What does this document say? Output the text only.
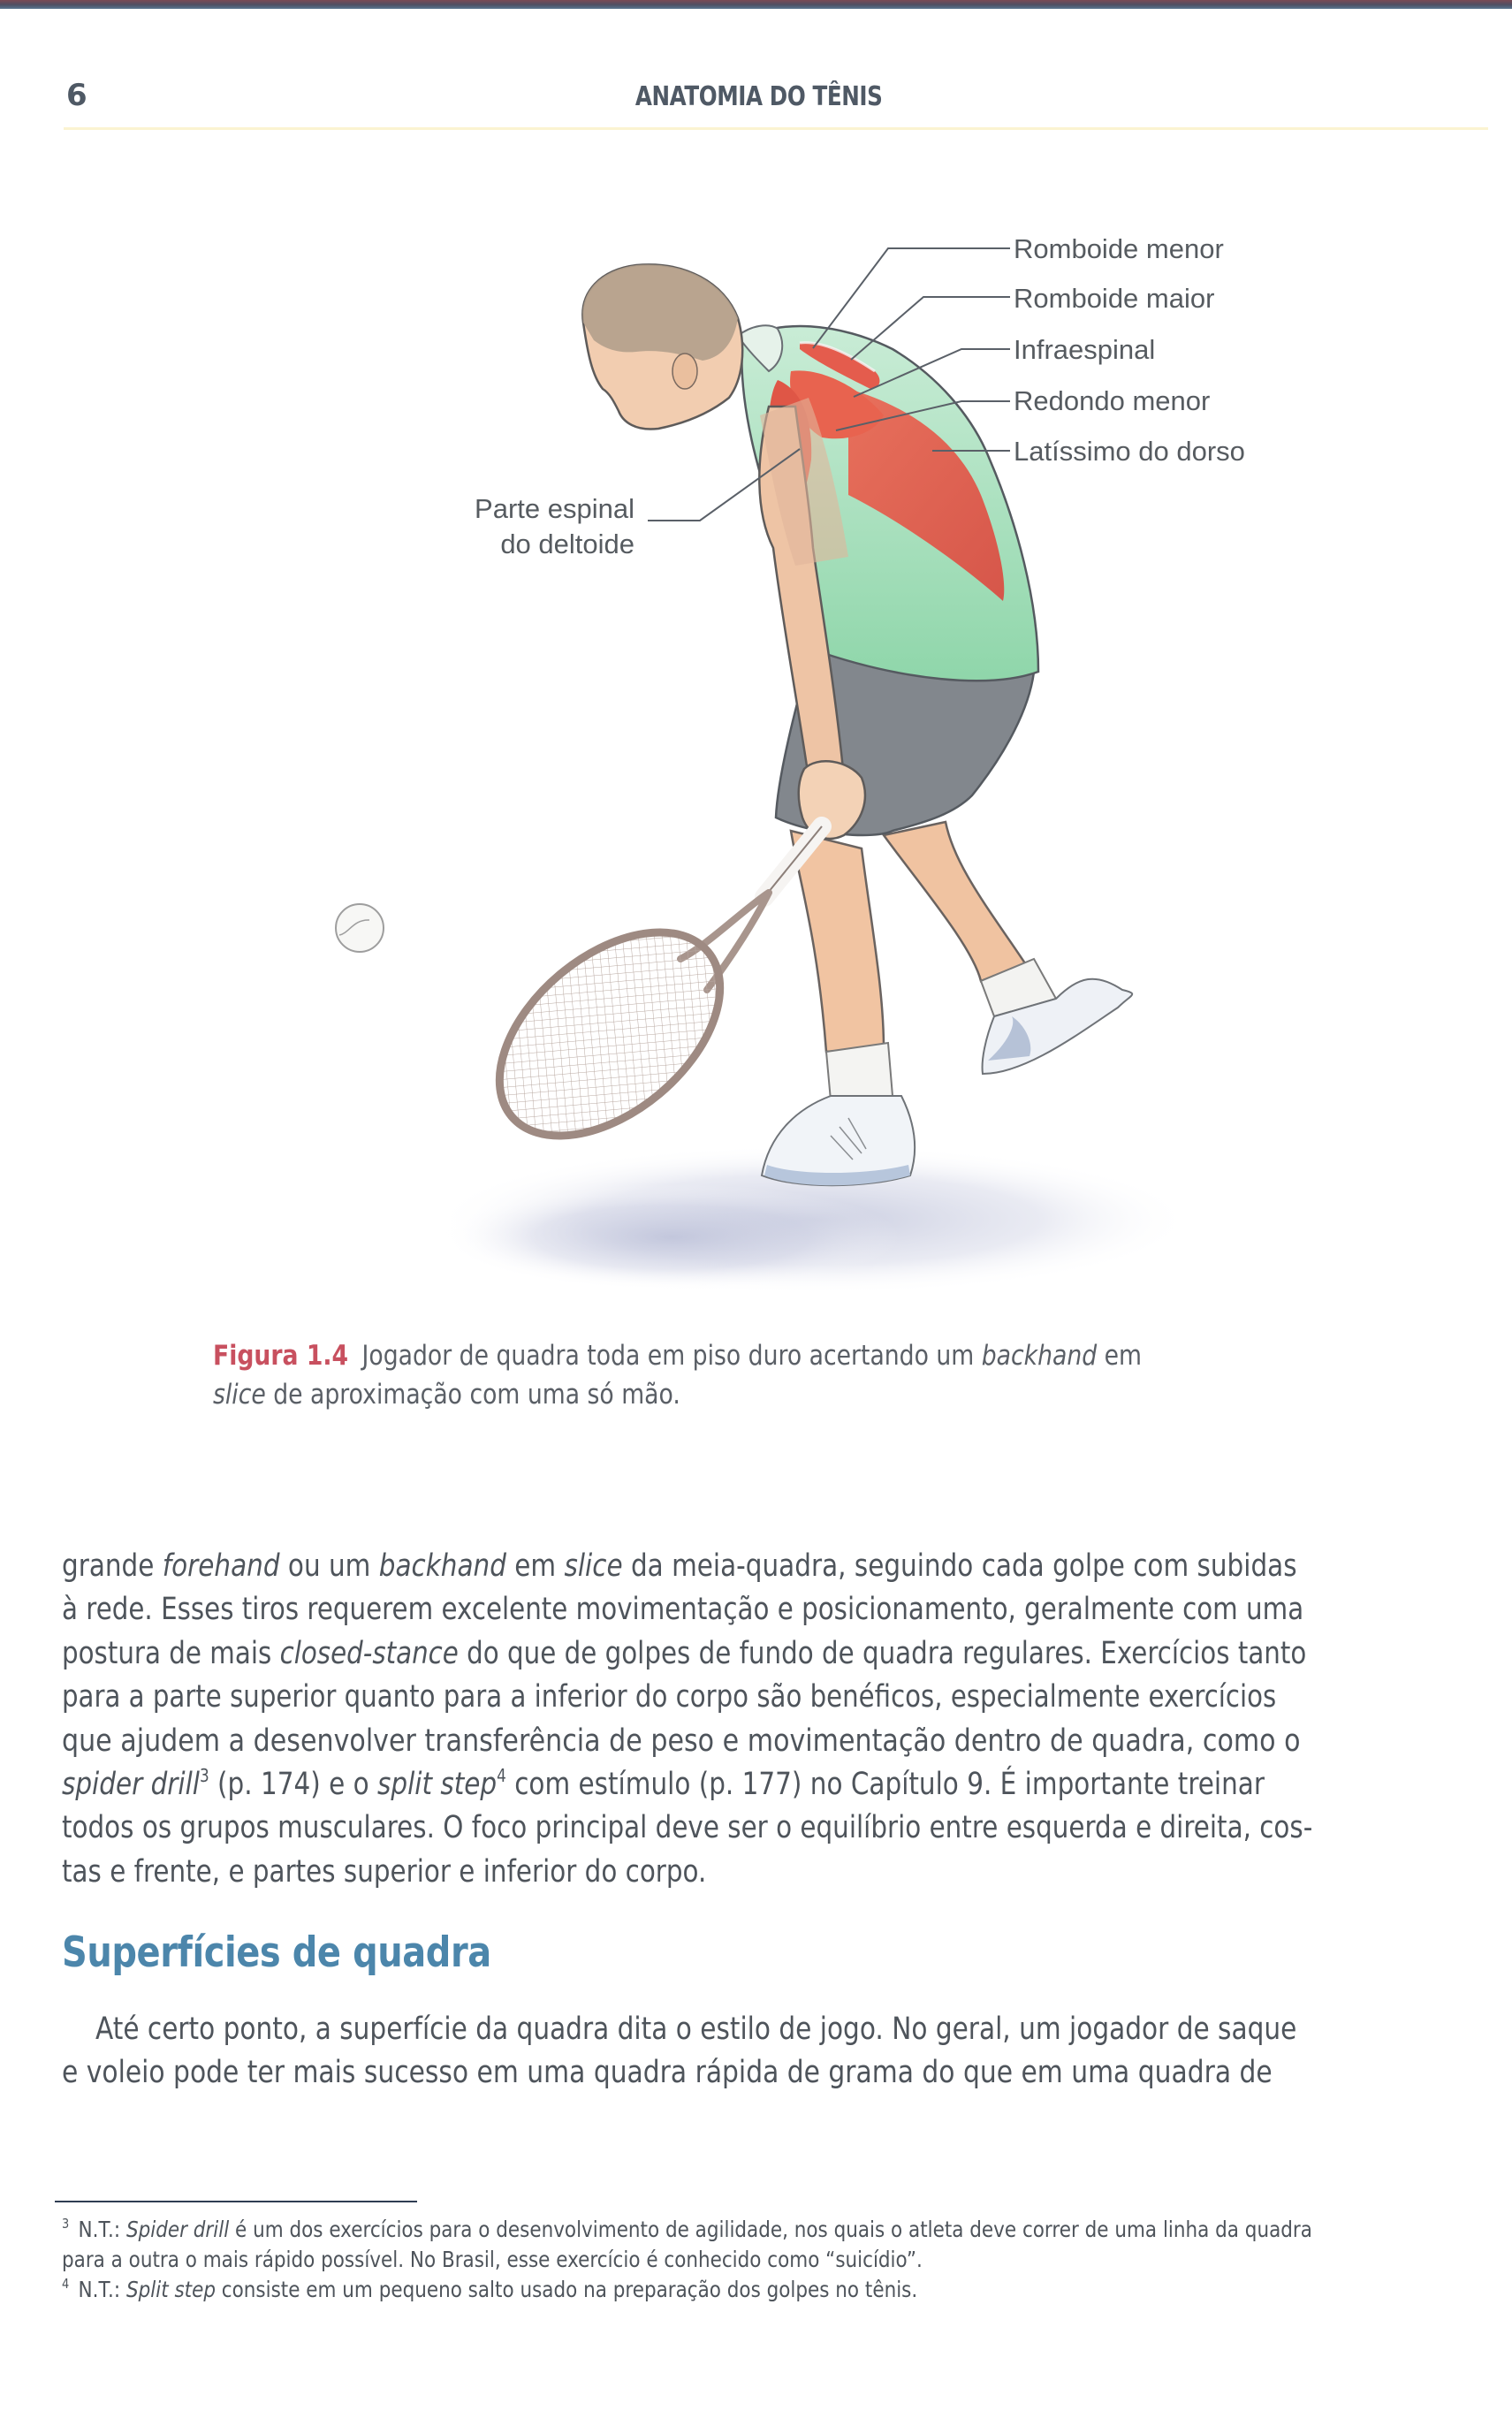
6	ANATOMIA DO TÊNIS
Romboide menor
Romboide maior
Infraespinal
Redondo menor
Latíssimo do dorso
Parte espinal
do deltoide
Figura 1.4 Jogador de quadra toda em piso duro acertando um backhand em
slice de aproximação com uma só mão.
grande forehand ou um backhand em slice da meia-quadra, seguindo cada golpe com subidas
à rede. Esses tiros requerem excelente movimentação e posicionamento, geralmente com uma
postura de mais closed-stance do que de golpes de fundo de quadra regulares. Exercícios tanto
para a parte superior quanto para a inferior do corpo são benéficos, especialmente exercícios
que ajudem a desenvolver transferência de peso e movimentação dentro de quadra, como o
spider drill$^3$ (p. 174) e o split step$^4$ com estímulo (p. 177) no Capítulo 9. É importante treinar
todos os grupos musculares. O foco principal deve ser o equilíbrio entre esquerda e direita, cos-
tas e frente, e partes superior e inferior do corpo.
Superfícies de quadra
Até certo ponto, a superfície da quadra dita o estilo de jogo. No geral, um jogador de saque
e voleio pode ter mais sucesso em uma quadra rápida de grama do que em uma quadra de
$^3$ N.T.: Spider drill é um dos exercícios para o desenvolvimento de agilidade, nos quais o atleta deve correr de uma linha da quadra
para a outra o mais rápido possível. No Brasil, esse exercício é conhecido como “suicídio”.
$^4$ N.T.: Split step consiste em um pequeno salto usado na preparação dos golpes no tênis.
